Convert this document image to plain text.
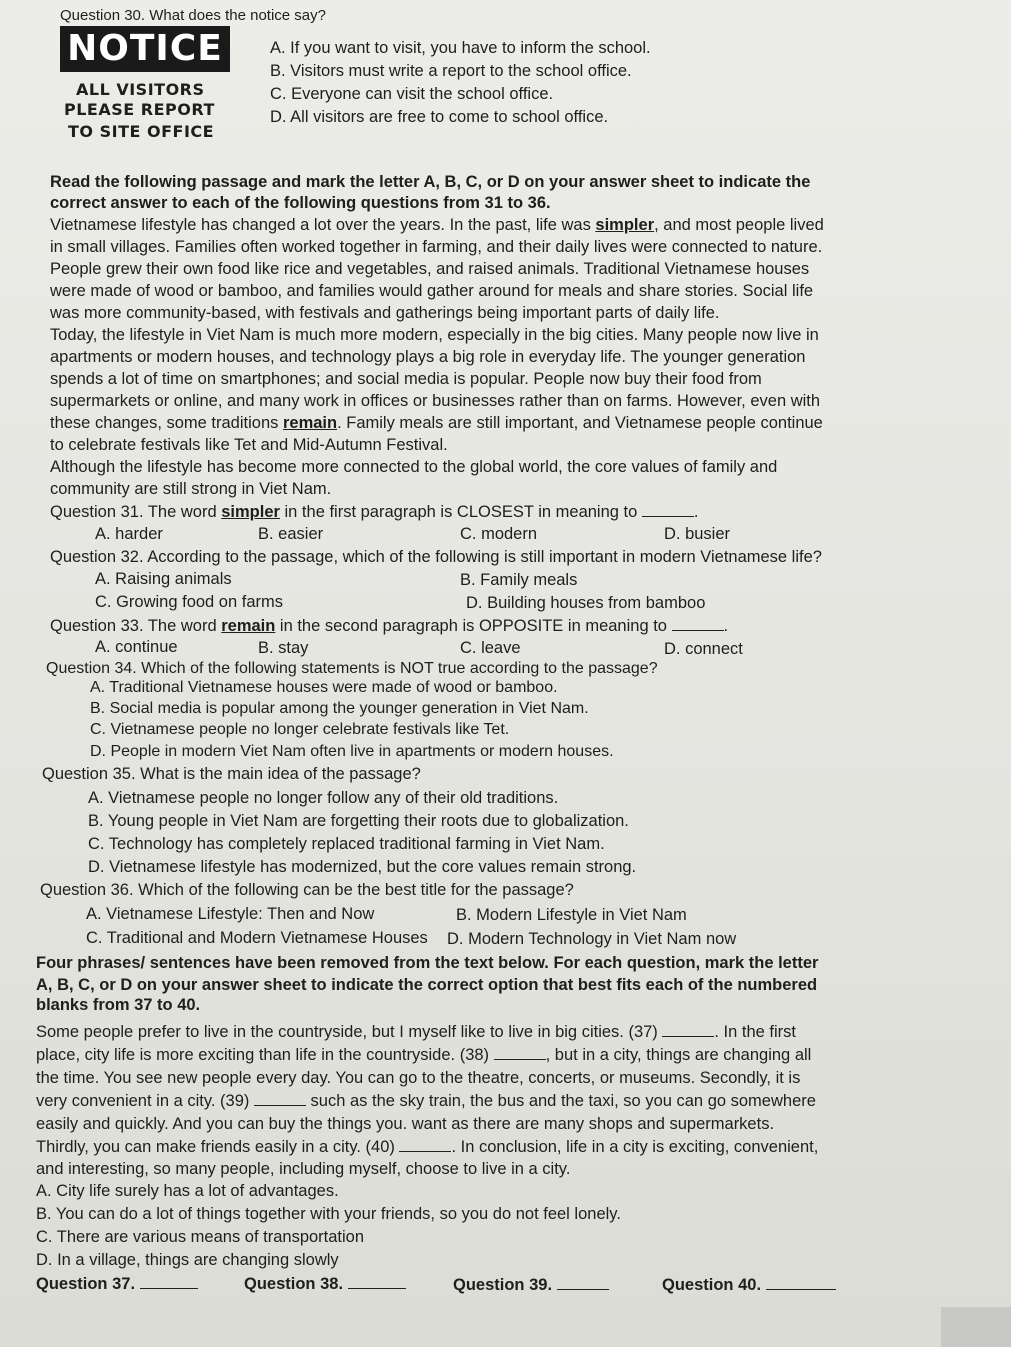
Question 30. What does the notice say?
NOTICE
ALL VISITORS
PLEASE REPORT
TO SITE OFFICE
A. If you want to visit, you have to inform the school.
B. Visitors must write a report to the school office.
C. Everyone can visit the school office.
D. All visitors are free to come to school office.
Read the following passage and mark the letter A, B, C, or D on your answer sheet to indicate the
correct answer to each of the following questions from 31 to 36.
Vietnamese lifestyle has changed a lot over the years. In the past, life was simpler, and most people lived
in small villages. Families often worked together in farming, and their daily lives were connected to nature.
People grew their own food like rice and vegetables, and raised animals. Traditional Vietnamese houses
were made of wood or bamboo, and families would gather around for meals and share stories. Social life
was more community-based, with festivals and gatherings being important parts of daily life.
Today, the lifestyle in Viet Nam is much more modern, especially in the big cities. Many people now live in
apartments or modern houses, and technology plays a big role in everyday life. The younger generation
spends a lot of time on smartphones; and social media is popular. People now buy their food from
supermarkets or online, and many work in offices or businesses rather than on farms. However, even with
these changes, some traditions remain. Family meals are still important, and Vietnamese people continue
to celebrate festivals like Tet and Mid-Autumn Festival.
Although the lifestyle has become more connected to the global world, the core values of family and
community are still strong in Viet Nam.
Question 31. The word simpler in the first paragraph is CLOSEST in meaning to	.
A. harder	B. easier	C. modern	D. busier
Question 32. According to the passage, which of the following is still important in modern Vietnamese life?
A. Raising animals	B. Family meals
C. Growing food on farms	D. Building houses from bamboo
Question 33. The word remain in the second paragraph is OPPOSITE in meaning to	.
A. continue	B. stay	C. leave	D. connect
Question 34. Which of the following statements is NOT true according to the passage?
A. Traditional Vietnamese houses were made of wood or bamboo.
B. Social media is popular among the younger generation in Viet Nam.
C. Vietnamese people no longer celebrate festivals like Tet.
D. People in modern Viet Nam often live in apartments or modern houses.
Question 35. What is the main idea of the passage?
A. Vietnamese people no longer follow any of their old traditions.
B. Young people in Viet Nam are forgetting their roots due to globalization.
C. Technology has completely replaced traditional farming in Viet Nam.
D. Vietnamese lifestyle has modernized, but the core values remain strong.
Question 36. Which of the following can be the best title for the passage?
A. Vietnamese Lifestyle: Then and Now	B. Modern Lifestyle in Viet Nam
C. Traditional and Modern Vietnamese Houses D. Modern Technology in Viet Nam now
Four phrases/ sentences have been removed from the text below. For each question, mark the letter
A, B, C, or D on your answer sheet to indicate the correct option that best fits each of the numbered
blanks from 37 to 40.
Some people prefer to live in the countryside, but I myself like to live in big cities. (37)	. In the first
place, city life is more exciting than life in the countryside. (38)	, but in a city, things are changing all
the time. You see new people every day. You can go to the theatre, concerts, or museums. Secondly, it is
very convenient in a city. (39)	such as the sky train, the bus and the taxi, so you can go somewhere
easily and quickly. And you can buy the things you. want as there are many shops and supermarkets.
Thirdly, you can make friends easily in a city. (40)	. In conclusion, life in a city is exciting, convenient,
and interesting, so many people, including myself, choose to live in a city.
A. City life surely has a lot of advantages.
B. You can do a lot of things together with your friends, so you do not feel lonely.
C. There are various means of transportation
D. In a village, things are changing slowly
Question 37.	Question 38.	Question 39.	Question 40.
